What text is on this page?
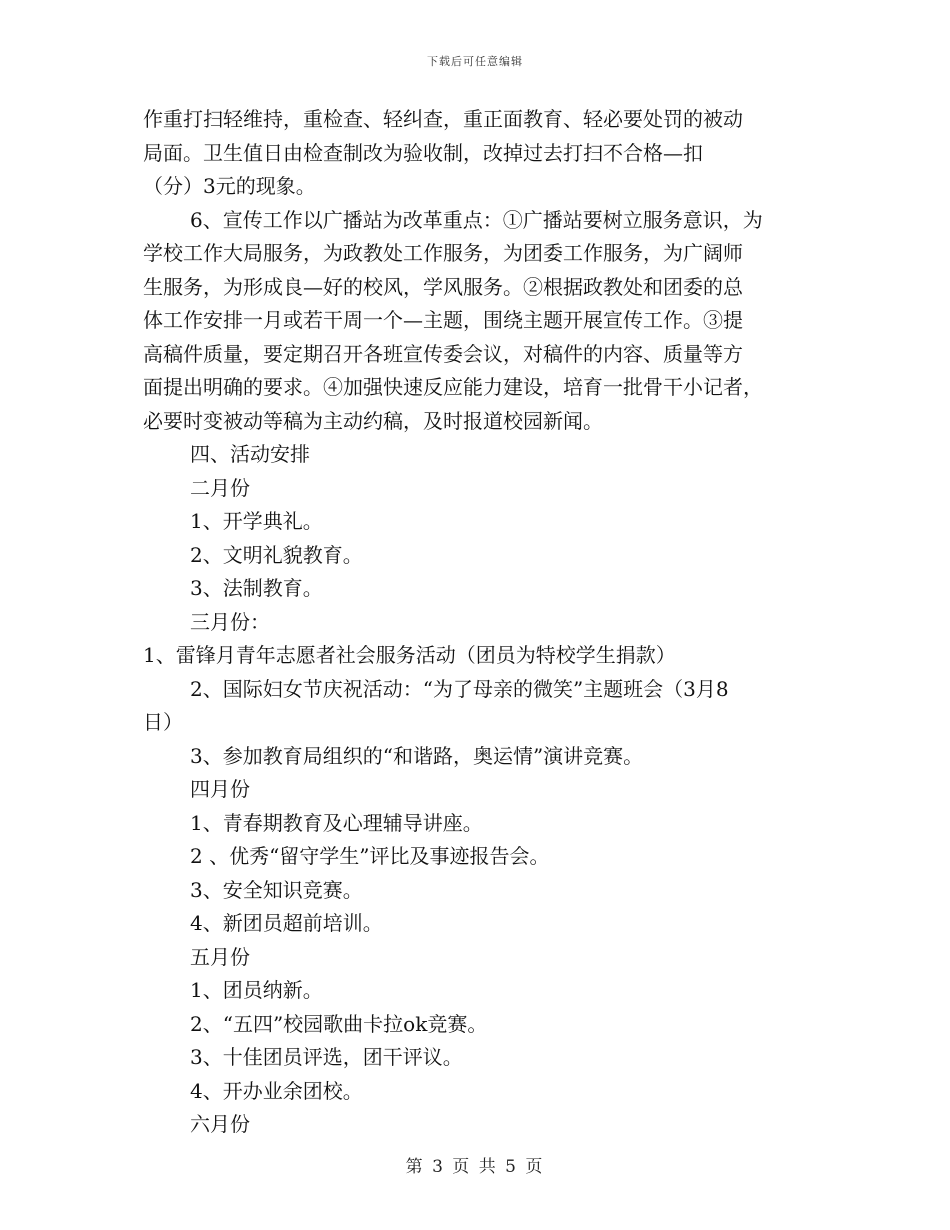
下载后可任意编辑

作重打扫轻维持，重检查、轻纠查，重正面教育、轻必要处罚的被动

局面。卫生值日由检查制改为验收制，改掉过去打扫不合格—扣

（分）3元的现象。

6、宣传工作以广播站为改革重点：①广播站要树立服务意识，为

学校工作大局服务，为政教处工作服务，为团委工作服务，为广阔师

生服务，为形成良—好的校风，学风服务。②根据政教处和团委的总

体工作安排一月或若干周一个—主题，围绕主题开展宣传工作。③提

高稿件质量，要定期召开各班宣传委会议，对稿件的内容、质量等方

面提出明确的要求。④加强快速反应能力建设，培育一批骨干小记者，

必要时变被动等稿为主动约稿，及时报道校园新闻。

四、活动安排

二月份

1、开学典礼。

2、文明礼貌教育。

3、法制教育。

三月份：

1、雷锋月青年志愿者社会服务活动（团员为特校学生捐款）

2、国际妇女节庆祝活动：“为了母亲的微笑”主题班会（3月8

日）

3、参加教育局组织的“和谐路，奥运情”演讲竞赛。

四月份

1、青春期教育及心理辅导讲座。

2 、优秀“留守学生”评比及事迹报告会。

3、安全知识竞赛。

4、新团员超前培训。

五月份

1、团员纳新。

2、“五四”校园歌曲卡拉ok竞赛。

3、十佳团员评选，团干评议。

4、开办业余团校。

六月份

第 3 页 共 5 页
